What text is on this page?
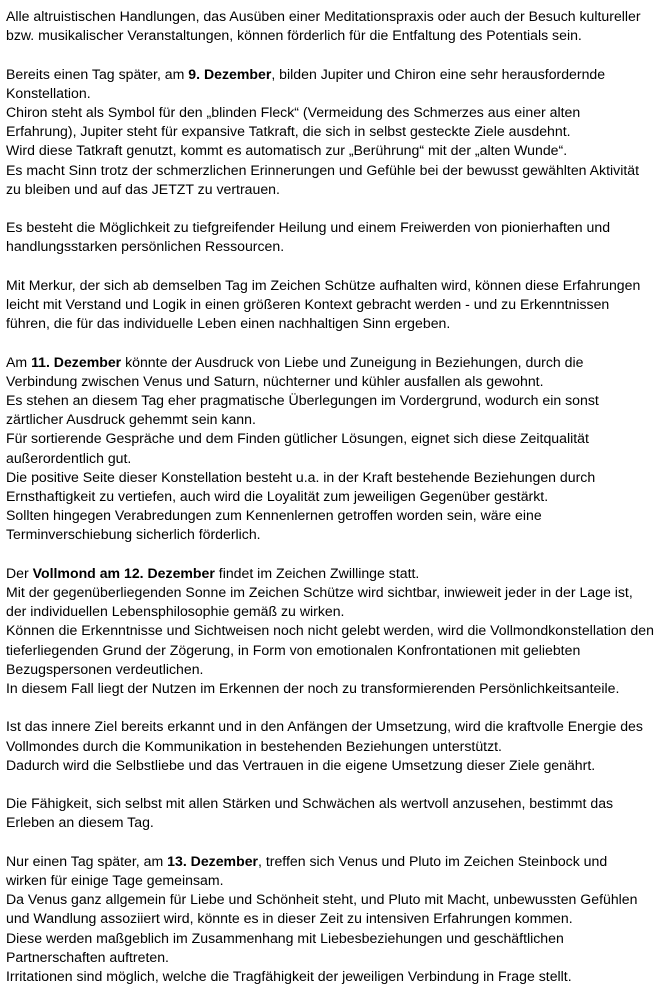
Alle altruistischen Handlungen, das Ausüben einer Meditationspraxis oder auch der Besuch kultureller
bzw. musikalischer Veranstaltungen, können förderlich für die Entfaltung des Potentials sein.
Bereits einen Tag später, am 9. Dezember, bilden Jupiter und Chiron eine sehr herausfordernde
Konstellation.
Chiron steht als Symbol für den „blinden Fleck“ (Vermeidung des Schmerzes aus einer alten
Erfahrung), Jupiter steht für expansive Tatkraft, die sich in selbst gesteckte Ziele ausdehnt.
Wird diese Tatkraft genutzt, kommt es automatisch zur „Berührung“ mit der „alten Wunde“.
Es macht Sinn trotz der schmerzlichen Erinnerungen und Gefühle bei der bewusst gewählten Aktivität
zu bleiben und auf das JETZT zu vertrauen.
Es besteht die Möglichkeit zu tiefgreifender Heilung und einem Freiwerden von pionierhaften und
handlungsstarken persönlichen Ressourcen.
Mit Merkur, der sich ab demselben Tag im Zeichen Schütze aufhalten wird, können diese Erfahrungen
leicht mit Verstand und Logik in einen größeren Kontext gebracht werden - und zu Erkenntnissen
führen, die für das individuelle Leben einen nachhaltigen Sinn ergeben.
Am 11. Dezember könnte der Ausdruck von Liebe und Zuneigung in Beziehungen, durch die
Verbindung zwischen Venus und Saturn, nüchterner und kühler ausfallen als gewohnt.
Es stehen an diesem Tag eher pragmatische Überlegungen im Vordergrund, wodurch ein sonst
zärtlicher Ausdruck gehemmt sein kann.
Für sortierende Gespräche und dem Finden gütlicher Lösungen, eignet sich diese Zeitqualität
außerordentlich gut.
Die positive Seite dieser Konstellation besteht u.a. in der Kraft bestehende Beziehungen durch
Ernsthaftigkeit zu vertiefen, auch wird die Loyalität zum jeweiligen Gegenüber gestärkt.
Sollten hingegen Verabredungen zum Kennenlernen getroffen worden sein, wäre eine
Terminverschiebung sicherlich förderlich.
Der Vollmond am 12. Dezember findet im Zeichen Zwillinge statt.
Mit der gegenüberliegenden Sonne im Zeichen Schütze wird sichtbar, inwieweit jeder in der Lage ist,
der individuellen Lebensphilosophie gemäß zu wirken.
Können die Erkenntnisse und Sichtweisen noch nicht gelebt werden, wird die Vollmondkonstellation den
tieferliegenden Grund der Zögerung, in Form von emotionalen Konfrontationen mit geliebten
Bezugspersonen verdeutlichen.
In diesem Fall liegt der Nutzen im Erkennen der noch zu transformierenden Persönlichkeitsanteile.
Ist das innere Ziel bereits erkannt und in den Anfängen der Umsetzung, wird die kraftvolle Energie des
Vollmondes durch die Kommunikation in bestehenden Beziehungen unterstützt.
Dadurch wird die Selbstliebe und das Vertrauen in die eigene Umsetzung dieser Ziele genährt.
Die Fähigkeit, sich selbst mit allen Stärken und Schwächen als wertvoll anzusehen, bestimmt das
Erleben an diesem Tag.
Nur einen Tag später, am 13. Dezember, treffen sich Venus und Pluto im Zeichen Steinbock und
wirken für einige Tage gemeinsam.
Da Venus ganz allgemein für Liebe und Schönheit steht, und Pluto mit Macht, unbewussten Gefühlen
und Wandlung assoziiert wird, könnte es in dieser Zeit zu intensiven Erfahrungen kommen.
Diese werden maßgeblich im Zusammenhang mit Liebesbeziehungen und geschäftlichen
Partnerschaften auftreten.
Irritationen sind möglich, welche die Tragfähigkeit der jeweiligen Verbindung in Frage stellt.
